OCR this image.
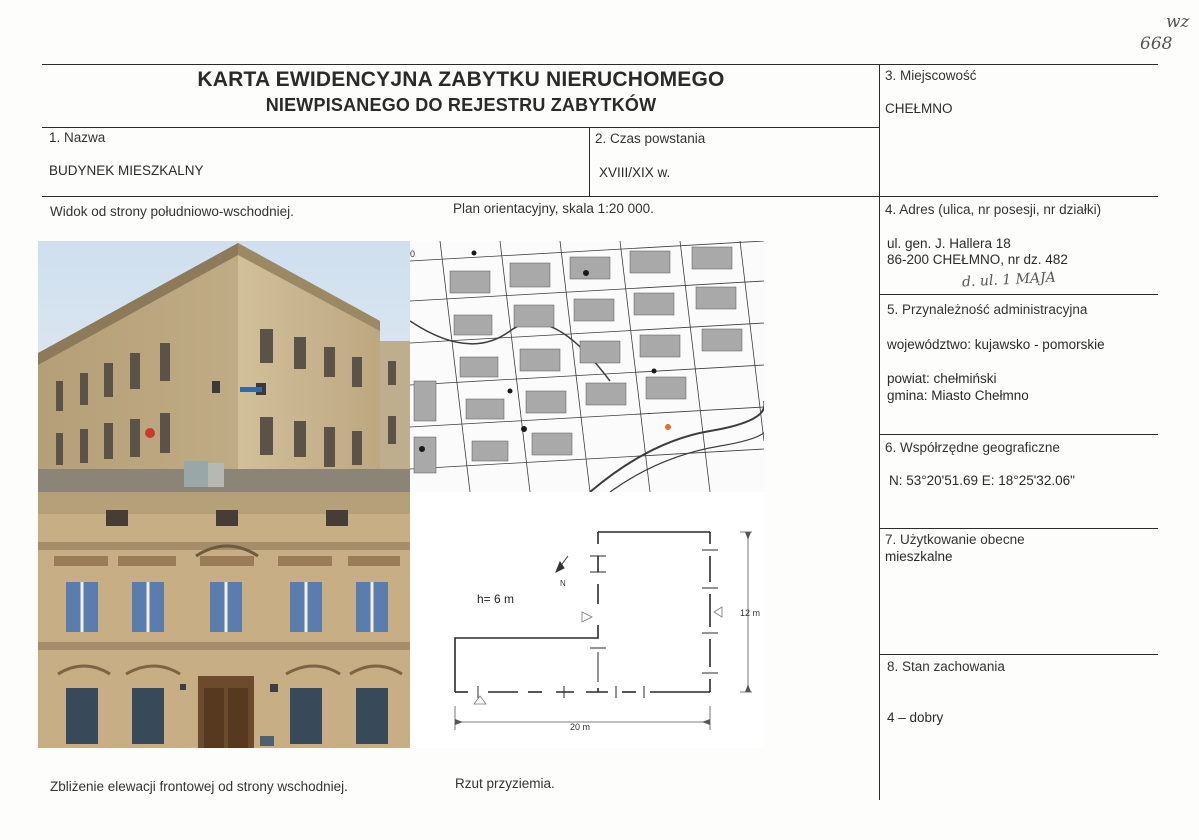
wz
668
KARTA EWIDENCYJNA ZABYTKU NIERUCHOMEGO
NIEWPISANEGO DO REJESTRU ZABYTKÓW
1. Nazwa
BUDYNEK MIESZKALNY
2. Czas powstania
XVIII/XIX w.
3. Miejscowość
CHEŁMNO
4. Adres (ulica, nr posesji, nr działki)
ul. gen. J. Hallera 18
86-200 CHEŁMNO, nr dz. 482
d. ul. 1 MAJA
5. Przynależność administracyjna
województwo: kujawsko - pomorskie
powiat: chełmiński
gmina: Miasto Chełmno
6. Współrzędne geograficzne
N: 53°20'51.69 E: 18°25'32.06"
7. Użytkowanie obecne
mieszkalne
8. Stan zachowania
4 – dobry
Widok od strony południowo-wschodniej.	Plan orientacyjny, skala 1:20 000.
Zbliżenie elewacji frontowej od strony wschodniej.	Rzut przyziemia.
0
N
h= 6 m
20 m
12 m
